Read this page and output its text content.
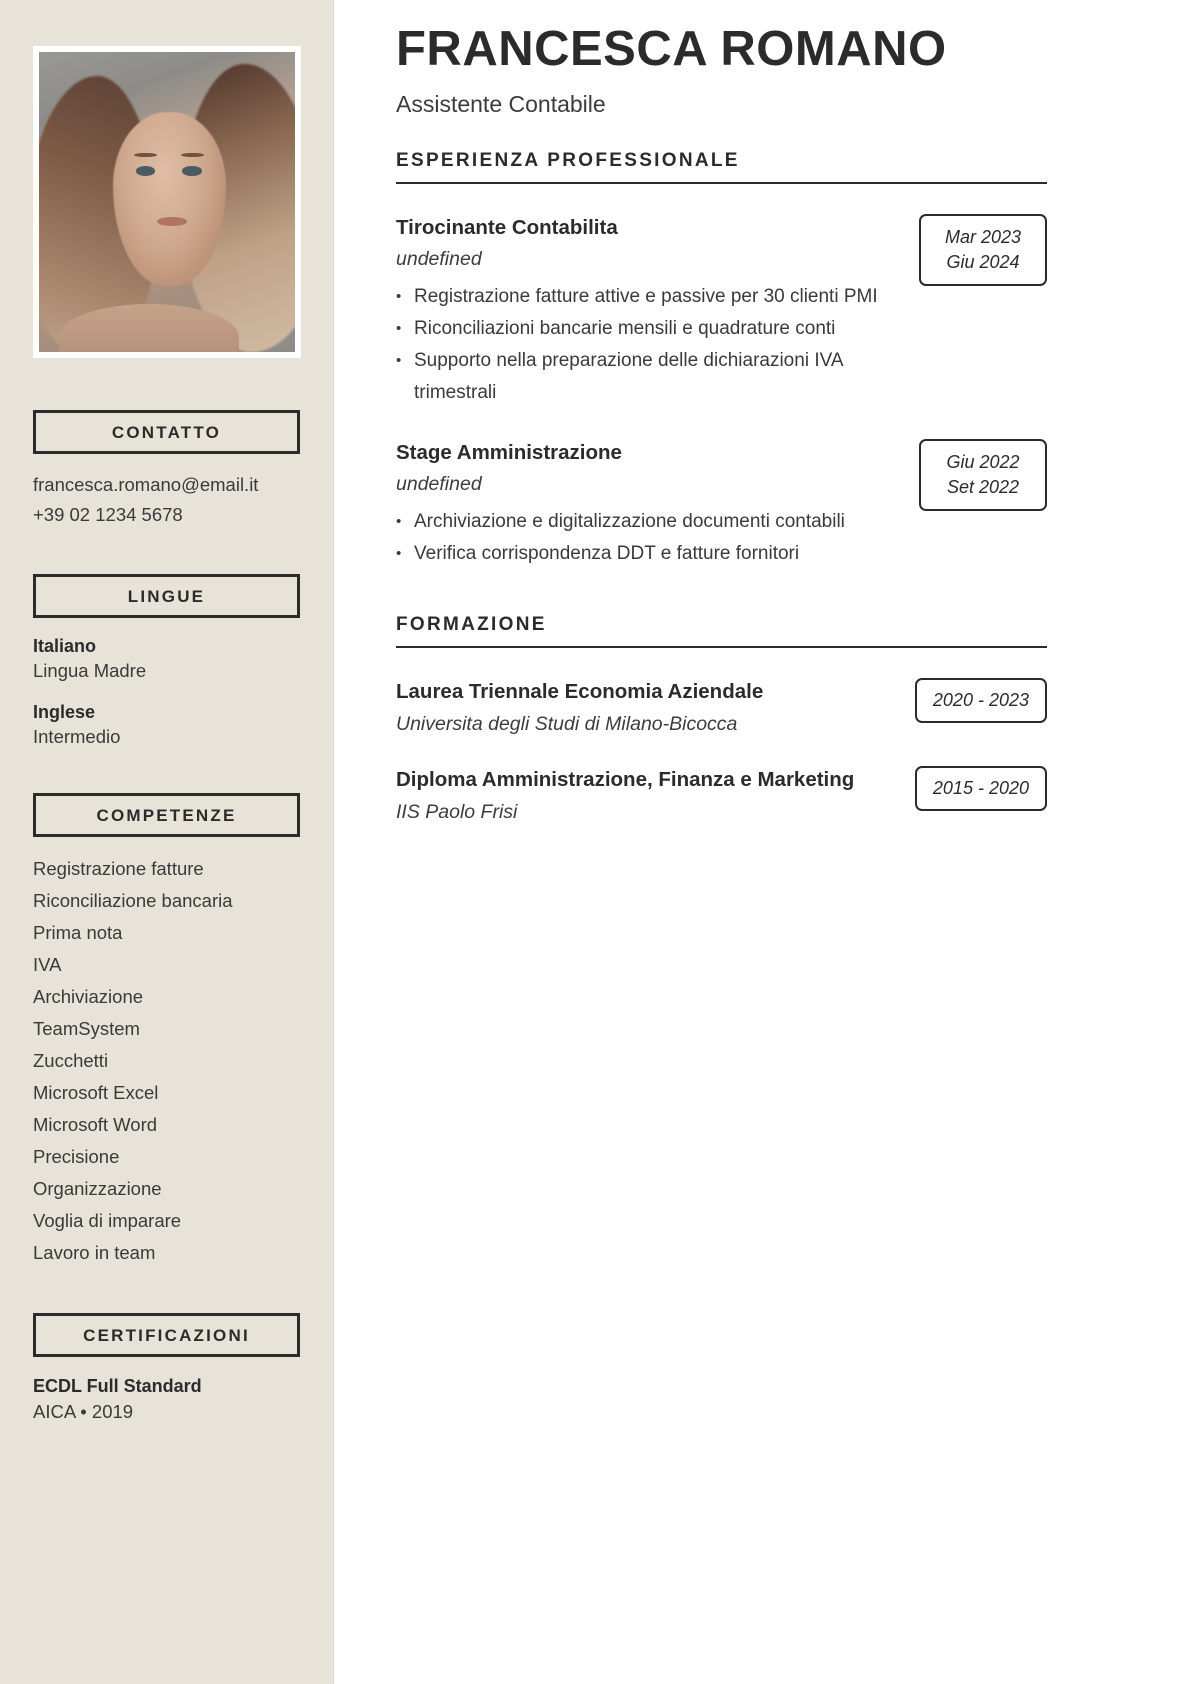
CONTATTO
francesca.romano@email.it
+39 02 1234 5678
LINGUE
Italiano
Lingua Madre
Inglese
Intermedio
COMPETENZE
Registrazione fatture
Riconciliazione bancaria
Prima nota
IVA
Archiviazione
TeamSystem
Zucchetti
Microsoft Excel
Microsoft Word
Precisione
Organizzazione
Voglia di imparare
Lavoro in team
CERTIFICAZIONI
ECDL Full Standard
AICA • 2019
FRANCESCA ROMANO
Assistente Contabile
ESPERIENZA PROFESSIONALE
Tirocinante Contabilita
undefined
• Registrazione fatture attive e passive per 30 clienti PMI
• Riconciliazioni bancarie mensili e quadrature conti
• Supporto nella preparazione delle dichiarazioni IVA trimestrali
Mar 2023
Giu 2024
Stage Amministrazione
undefined
• Archiviazione e digitalizzazione documenti contabili
• Verifica corrispondenza DDT e fatture fornitori
Giu 2022
Set 2022
FORMAZIONE
Laurea Triennale Economia Aziendale
Universita degli Studi di Milano-Bicocca
2020 - 2023
Diploma Amministrazione, Finanza e Marketing
IIS Paolo Frisi
2015 - 2020
